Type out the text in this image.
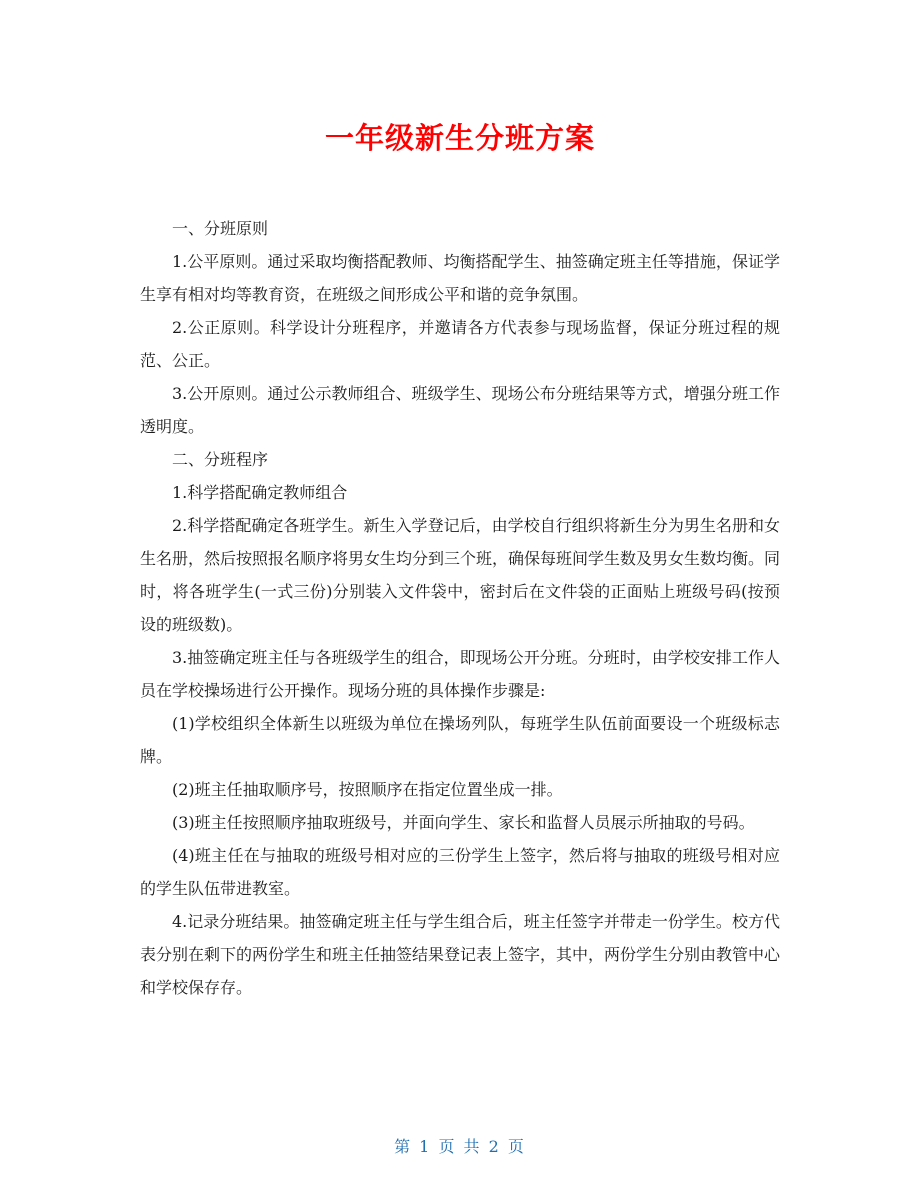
一年级新生分班方案

一、分班原则

1.公平原则。通过采取均衡搭配教师、均衡搭配学生、抽签确定班主任等措施，保证学生享有相对均等教育资，在班级之间形成公平和谐的竞争氛围。

2.公正原则。科学设计分班程序，并邀请各方代表参与现场监督，保证分班过程的规范、公正。

3.公开原则。通过公示教师组合、班级学生、现场公布分班结果等方式，增强分班工作透明度。

二、分班程序

1.科学搭配确定教师组合

2.科学搭配确定各班学生。新生入学登记后，由学校自行组织将新生分为男生名册和女生名册，然后按照报名顺序将男女生均分到三个班，确保每班间学生数及男女生数均衡。同时，将各班学生(一式三份)分别装入文件袋中，密封后在文件袋的正面贴上班级号码(按预设的班级数)。

3.抽签确定班主任与各班级学生的组合，即现场公开分班。分班时，由学校安排工作人员在学校操场进行公开操作。现场分班的具体操作步骤是:

(1)学校组织全体新生以班级为单位在操场列队，每班学生队伍前面要设一个班级标志牌。

(2)班主任抽取顺序号，按照顺序在指定位置坐成一排。

(3)班主任按照顺序抽取班级号，并面向学生、家长和监督人员展示所抽取的号码。

(4)班主任在与抽取的班级号相对应的三份学生上签字，然后将与抽取的班级号相对应的学生队伍带进教室。

4.记录分班结果。抽签确定班主任与学生组合后，班主任签字并带走一份学生。校方代表分别在剩下的两份学生和班主任抽签结果登记表上签字，其中，两份学生分别由教管中心和学校保存存。

第 1 页 共 2 页
